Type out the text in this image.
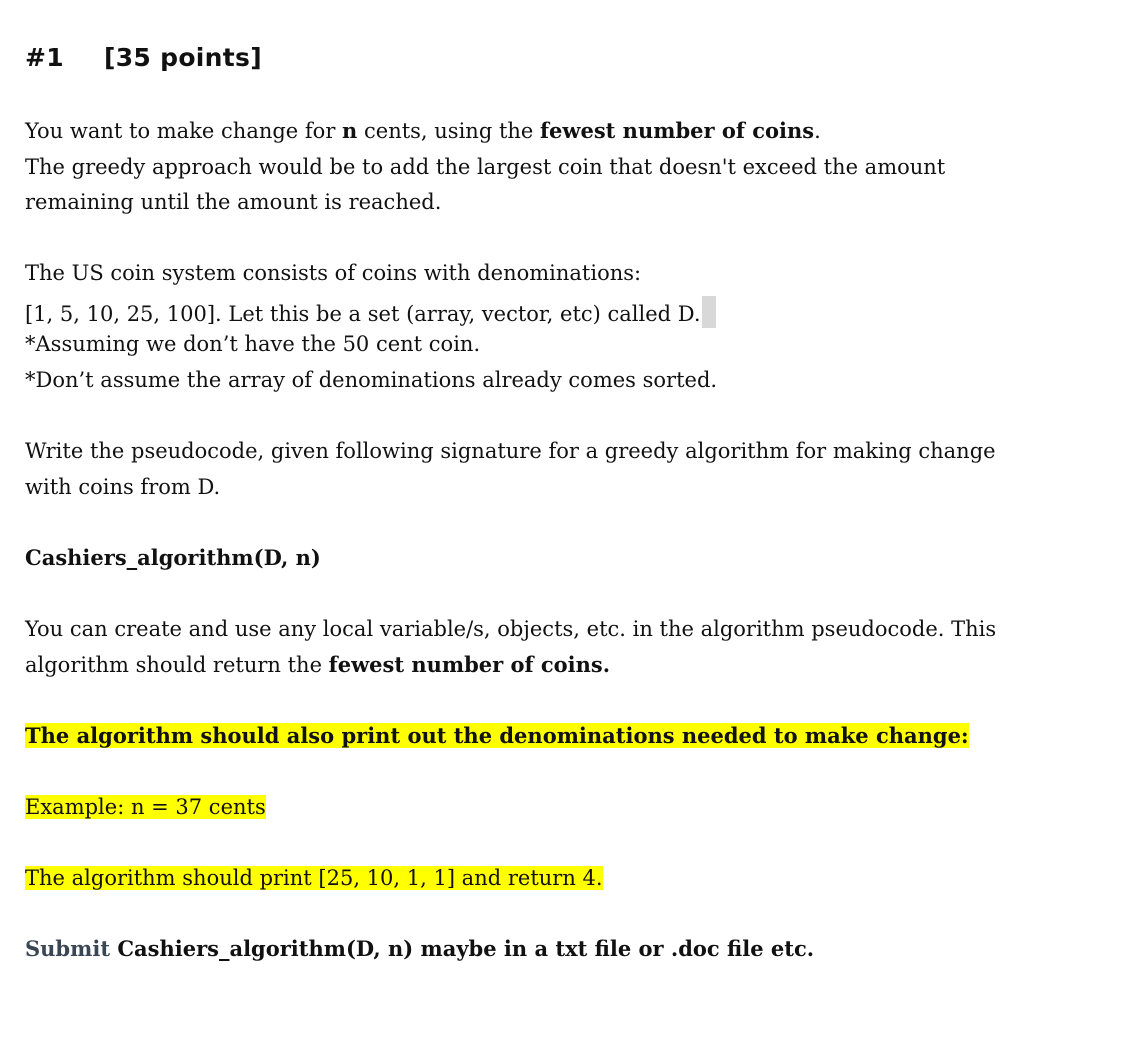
#1 [35 points]
You want to make change for n cents, using the fewest number of coins.
The greedy approach would be to add the largest coin that doesn't exceed the amount
remaining until the amount is reached.
The US coin system consists of coins with denominations:
[1, 5, 10, 25, 100]. Let this be a set (array, vector, etc) called D.
*Assuming we don’t have the 50 cent coin.
*Don’t assume the array of denominations already comes sorted.
Write the pseudocode, given following signature for a greedy algorithm for making change
with coins from D.
Cashiers_algorithm(D, n)
You can create and use any local variable/s, objects, etc. in the algorithm pseudocode. This
algorithm should return the fewest number of coins.
The algorithm should also print out the denominations needed to make change:
Example: n = 37 cents
The algorithm should print [25, 10, 1, 1] and return 4.
Submit Cashiers_algorithm(D, n) maybe in a txt file or .doc file etc.
